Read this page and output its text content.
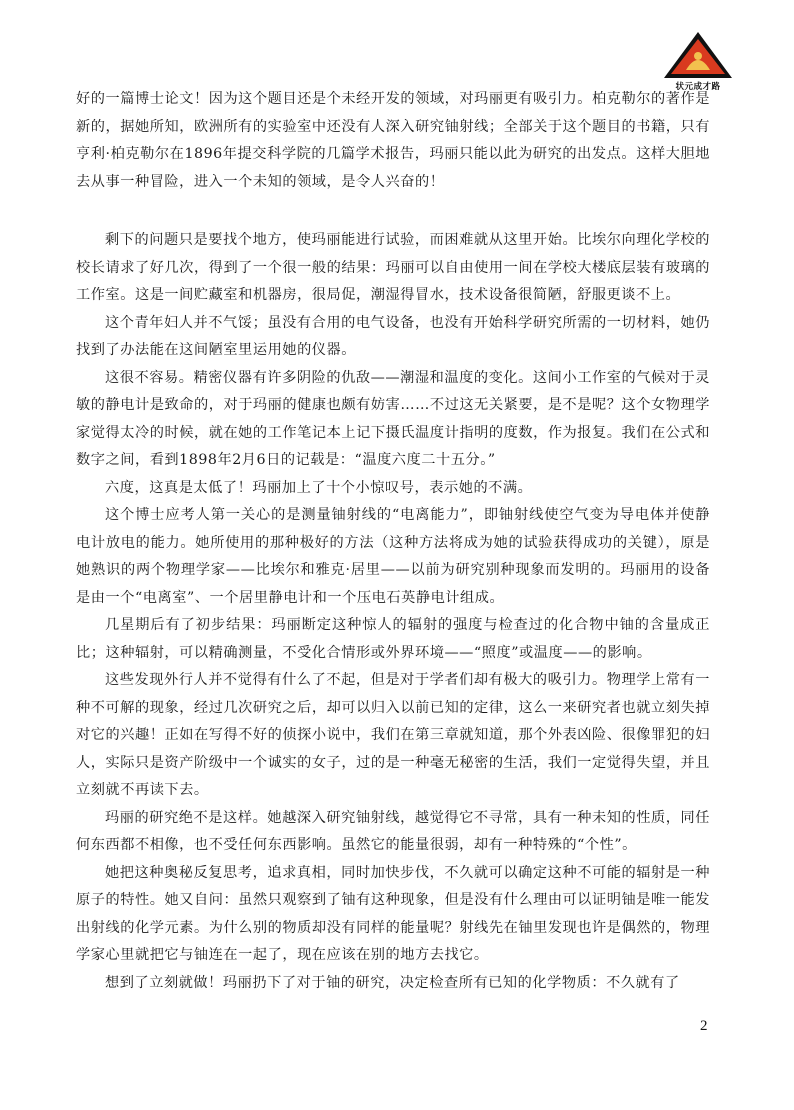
状元成才路

好的一篇博士论文！因为这个题目还是个未经开发的领域，对玛丽更有吸引力。柏克勒尔的著作是新的，据她所知，欧洲所有的实验室中还没有人深入研究铀射线；全部关于这个题目的书籍，只有亨利·柏克勒尔在1896年提交科学院的几篇学术报告，玛丽只能以此为研究的出发点。这样大胆地去从事一种冒险，进入一个未知的领域，是令人兴奋的！

剩下的问题只是要找个地方，使玛丽能进行试验，而困难就从这里开始。比埃尔向理化学校的校长请求了好几次，得到了一个很一般的结果：玛丽可以自由使用一间在学校大楼底层装有玻璃的工作室。这是一间贮藏室和机器房，很局促，潮湿得冒水，技术设备很简陋，舒服更谈不上。

这个青年妇人并不气馁；虽没有合用的电气设备，也没有开始科学研究所需的一切材料，她仍找到了办法能在这间陋室里运用她的仪器。

这很不容易。精密仪器有许多阴险的仇敌——潮湿和温度的变化。这间小工作室的气候对于灵敏的静电计是致命的，对于玛丽的健康也颇有妨害……不过这无关紧要，是不是呢？这个女物理学家觉得太冷的时候，就在她的工作笔记本上记下摄氏温度计指明的度数，作为报复。我们在公式和数字之间，看到1898年2月6日的记载是：“温度六度二十五分。”

六度，这真是太低了！玛丽加上了十个小惊叹号，表示她的不满。

这个博士应考人第一关心的是测量铀射线的“电离能力”，即铀射线使空气变为导电体并使静电计放电的能力。她所使用的那种极好的方法（这种方法将成为她的试验获得成功的关键），原是她熟识的两个物理学家——比埃尔和雅克·居里——以前为研究别种现象而发明的。玛丽用的设备是由一个“电离室”、一个居里静电计和一个压电石英静电计组成。

几星期后有了初步结果：玛丽断定这种惊人的辐射的强度与检查过的化合物中铀的含量成正比；这种辐射，可以精确测量，不受化合情形或外界环境——“照度”或温度——的影响。

这些发现外行人并不觉得有什么了不起，但是对于学者们却有极大的吸引力。物理学上常有一种不可解的现象，经过几次研究之后，却可以归入以前已知的定律，这么一来研究者也就立刻失掉对它的兴趣！正如在写得不好的侦探小说中，我们在第三章就知道，那个外表凶险、很像罪犯的妇人，实际只是资产阶级中一个诚实的女子，过的是一种毫无秘密的生活，我们一定觉得失望，并且立刻就不再读下去。

玛丽的研究绝不是这样。她越深入研究铀射线，越觉得它不寻常，具有一种未知的性质，同任何东西都不相像，也不受任何东西影响。虽然它的能量很弱，却有一种特殊的“个性”。

她把这种奥秘反复思考，追求真相，同时加快步伐，不久就可以确定这种不可能的辐射是一种原子的特性。她又自问：虽然只观察到了铀有这种现象，但是没有什么理由可以证明铀是唯一能发出射线的化学元素。为什么别的物质却没有同样的能量呢？射线先在铀里发现也许是偶然的，物理学家心里就把它与铀连在一起了，现在应该在别的地方去找它。

想到了立刻就做！玛丽扔下了对于铀的研究，决定检查所有已知的化学物质：不久就有了

2
